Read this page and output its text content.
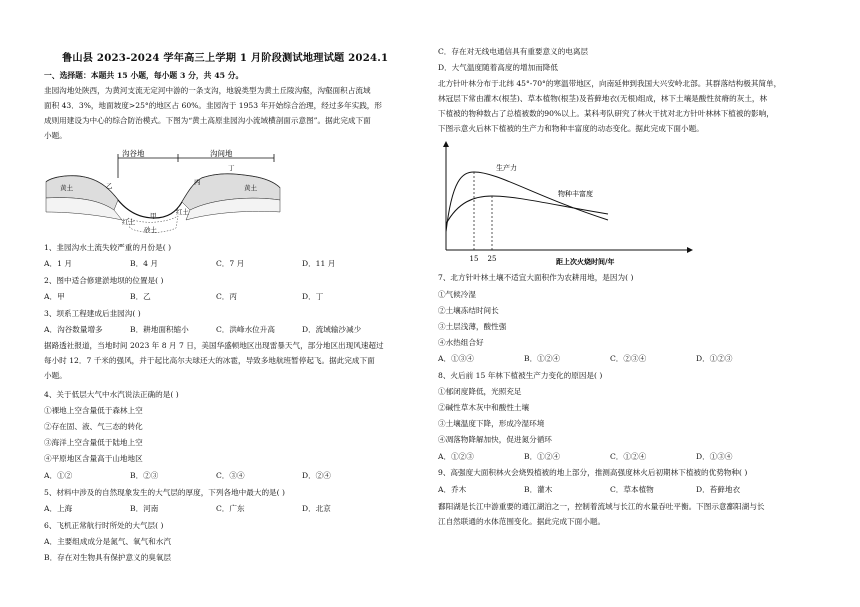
鲁山县 2023-2024 学年高三上学期 1 月阶段测试地理试题 2024.1
一、选择题：本题共 15 小题，每小题 3 分，共 45 分。
韭园沟地处陕西，为黄河支流无定河中游的一条支沟，地貌类型为黄土丘陵沟壑，沟壑面积占流域
面积 43．3%，地面坡度>25°的地区占 60%。韭园沟于 1953 年开始综合治理，经过多年实践，形
成则用建设为中心的综合防治模式。下图为“黄土高原韭园沟小流域横剖面示意图”。据此完成下面
小题。
沟谷地	沟间地
黄土	黄土
红土
红土
砂土
甲
乙	丙
丁
1、韭园沟水土流失较严重的月份是( )
A．1 月	B．4 月	C．7 月	D．11 月
2、图中适合修建淤地坝的位置是( )
A．甲	B．乙	C．丙	D．丁
3、坝系工程建成后韭园沟( )
A．沟谷数量增多	B．耕地面积缩小	C．洪峰水位升高	D．流域输沙减少
据路透社报道，当地时间 2023 年 8 月 7 日，美国华盛顿地区出现雷暴天气，部分地区出现风速超过
每小时 12．7 千米的强风，并于起比高尔夫球还大的冰雹，导致多地航班暂停起飞。据此完成下面
小题。
4、关于低层大气中水汽说法正确的是( )
①裸地上空含量低于森林上空
②存在固、液、气三态的转化
③海洋上空含量低于陆地上空
④平原地区含量高于山地地区
A．①②	B．②③	C．③④	D．②④
5、材料中涉及的自然现象发生的大气层的厚度，下列各地中最大的是( )
A．上海	B．河南	C．广东	D．北京
6、飞机正常航行时所处的大气层( )
A．主要组成成分是氮气、氧气和水汽
B．存在对生物具有保护意义的臭氧层
C．存在对无线电通信具有重要意义的电离层
D．大气温度随着高度的增加而降低
北方针叶林分布于北纬 45°-70°的寒温带地区，向南延伸到我国大兴安岭北部。其群落结构极其简单，
林冠层下常由灌木(根茎)、草本植物(根茎)及苔藓地衣(无根)组成，林下土壤是酸性贫瘠的灰土，林
下植被的物种数占了总植被数的90%以上。某科考队研究了林火干扰对北方针叶林林下植被的影响，
下图示意火后林下植被的生产力和物种丰富度的动态变化。据此完成下面小题。
15 25
生产力
物种丰富度
距上次火烧时间/年
7、北方针叶林土壤不适宜大面积作为农耕用地，是因为( )
①气候冷湿
②土壤冻结时间长
③土层浅薄，酸性强
④水热组合好
A．①③④	B．①②④	C．②③④	D．①②③
8、火后前 15 年林下植被生产力变化的原因是( )
①郁闭度降低，光照充足
②碱性草木灰中和酸性土壤
③土壤温度下降，形成冷湿环境
④凋落物降解加快，促进氮分循环
A．①②③	B．①②④	C．①②④	D．①③④
9、高强度大面积林火会烧毁植被的地上部分，推测高强度林火后初期林下植被的优势物种( )
A．乔木	B．灌木	C．草本植物	D．苔藓地衣
鄱阳湖是长江中游重要的通江湖泊之一，控制着流域与长江的水量吞吐平衡。下图示意鄱阳湖与长
江自然联通的水体范围变化。据此完成下面小题。
